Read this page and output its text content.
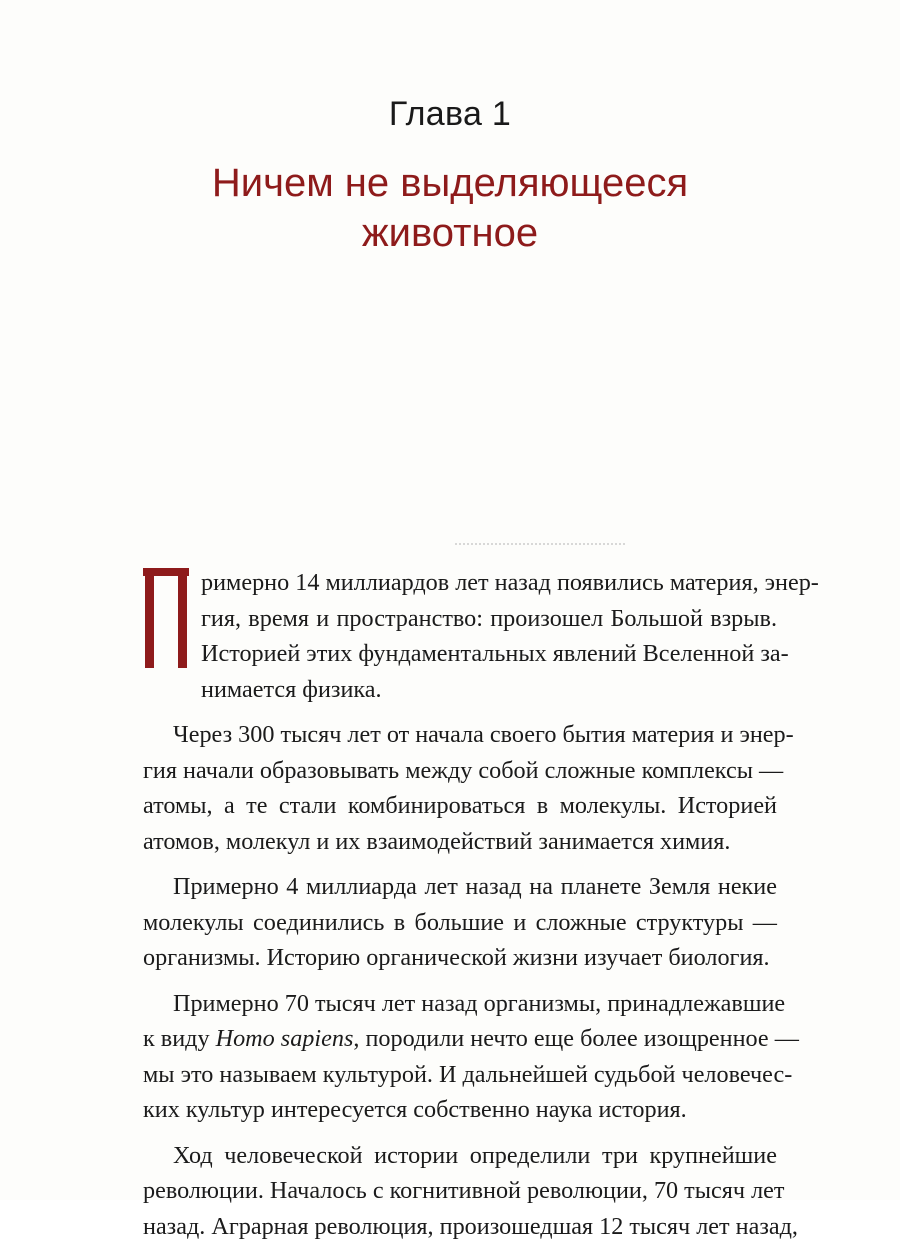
Глава 1
Ничем не выделяющееся
животное
римерно 14 миллиардов лет назад появились материя, энер-
гия, время и пространство: произошел Большой взрыв.
Историей этих фундаментальных явлений Вселенной за-
нимается физика.
Через 300 тысяч лет от начала своего бытия материя и энер-
гия начали образовывать между собой сложные комплексы —
атомы, а те стали комбинироваться в молекулы. Историей
атомов, молекул и их взаимодействий занимается химия.
Примерно 4 миллиарда лет назад на планете Земля некие
молекулы соединились в большие и сложные структуры —
организмы. Историю органической жизни изучает биология.
Примерно 70 тысяч лет назад организмы, принадлежавшие
к виду Homo sapiens, породили нечто еще более изощренное —
мы это называем культурой. И дальнейшей судьбой человечес-
ких культур интересуется собственно наука история.
Ход человеческой истории определили три крупнейшие
революции. Началось с когнитивной революции, 70 тысяч лет
назад. Аграрная революция, произошедшая 12 тысяч лет назад,
